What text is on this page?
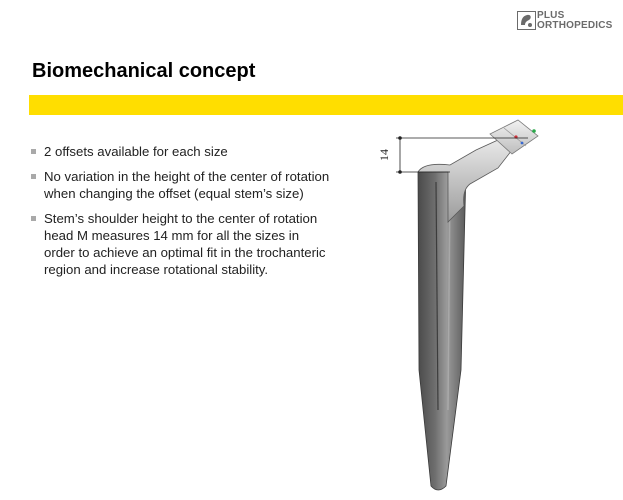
PLUS
ORTHOPEDICS
Biomechanical concept
2 offsets available for each size
No variation in the height of the center of rotation when changing the offset (equal stem’s size)
Stem’s shoulder height to the center of rotation head M measures 14 mm for all the sizes in order to achieve an optimal fit in the trochanteric region and increase rotational stability.
14
